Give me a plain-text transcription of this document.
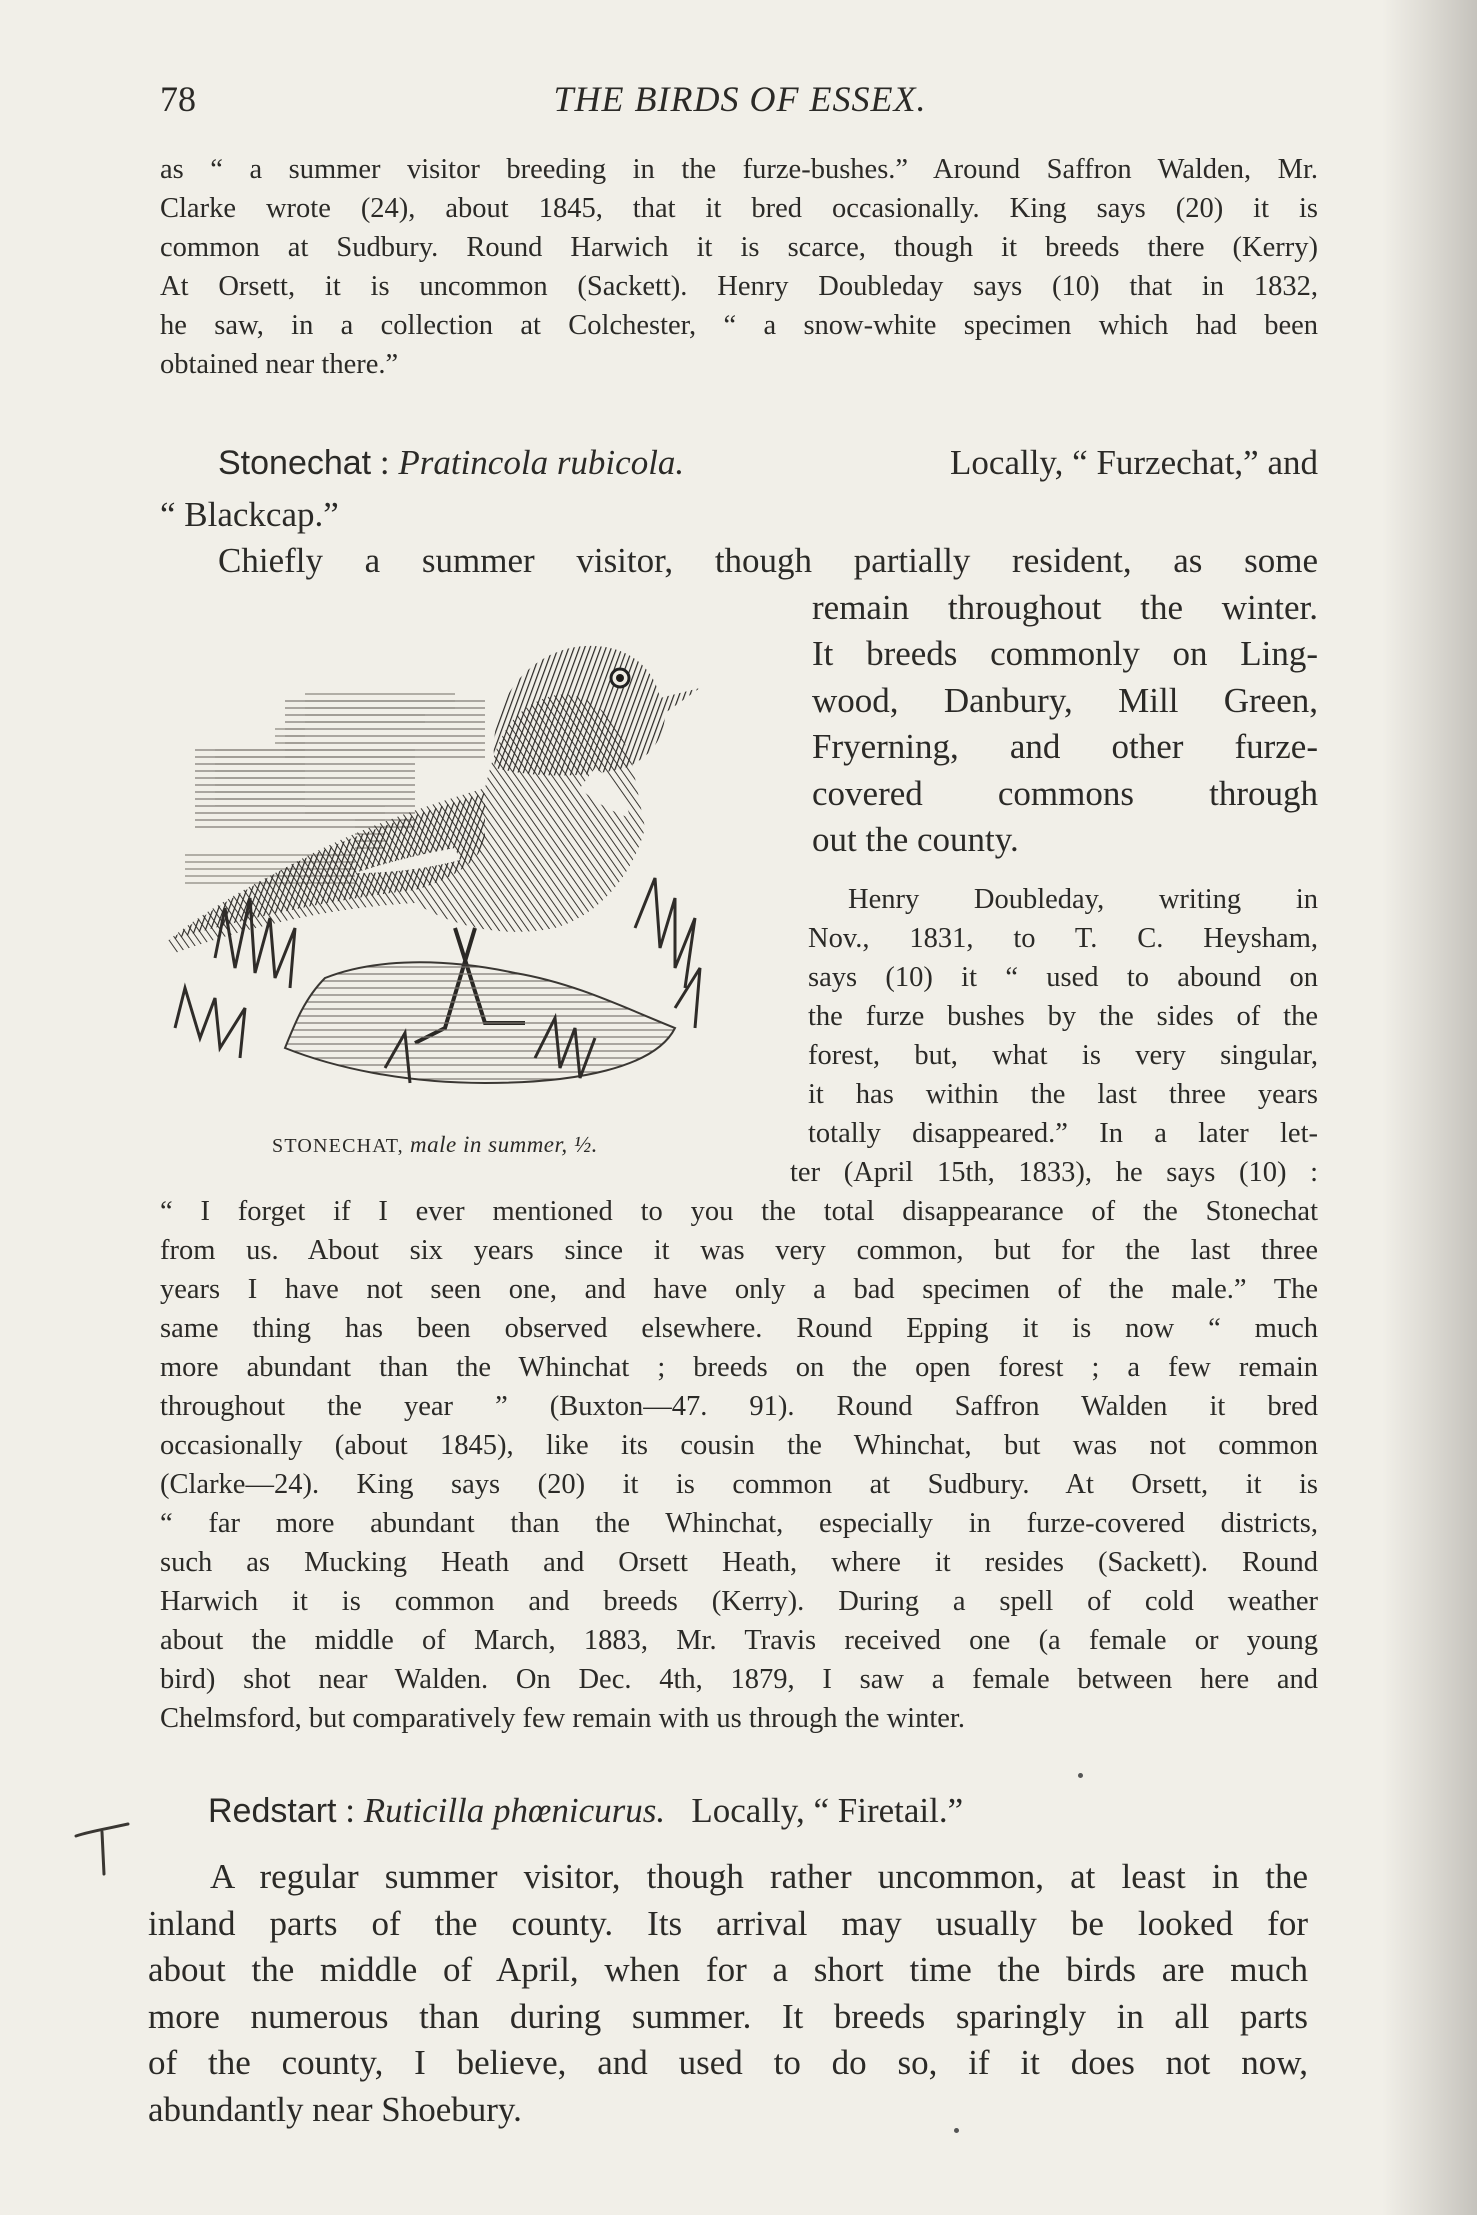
78	THE BIRDS OF ESSEX.
as “ a summer visitor breeding in the furze-bushes.” Around Saffron Walden, Mr.
Clarke wrote (24), about 1845, that it bred occasionally. King says (20) it is
common at Sudbury. Round Harwich it is scarce, though it breeds there (Kerry)
At Orsett, it is uncommon (Sackett). Henry Doubleday says (10) that in 1832,
he saw, in a collection at Colchester, “ a snow-white specimen which had been
obtained near there.”
Stonechat : Pratincola rubicola.	Locally, “ Furzechat,” and
“ Blackcap.”
Chiefly a summer visitor, though partially resident, as some
remain throughout the winter.
It breeds commonly on Ling-
wood, Danbury, Mill Green,
Fryerning, and other furze-
covered commons through
out the county.
Henry Doubleday, writing in
Nov., 1831, to T. C. Heysham,
says (10) it “ used to abound on
the furze bushes by the sides of the
forest, but, what is very singular,
it has within the last three years
totally disappeared.” In a later let-
ter (April 15th, 1833), he says (10) :
“ I forget if I ever mentioned to you the total disappearance of the Stonechat
from us. About six years since it was very common, but for the last three
years I have not seen one, and have only a bad specimen of the male.” The
same thing has been observed elsewhere. Round Epping it is now “ much
more abundant than the Whinchat ; breeds on the open forest ; a few remain
throughout the year ” (Buxton—47. 91). Round Saffron Walden it bred
occasionally (about 1845), like its cousin the Whinchat, but was not common
(Clarke—24). King says (20) it is common at Sudbury. At Orsett, it is
“ far more abundant than the Whinchat, especially in furze-covered districts,
such as Mucking Heath and Orsett Heath, where it resides (Sackett). Round
Harwich it is common and breeds (Kerry). During a spell of cold weather
about the middle of March, 1883, Mr. Travis received one (a female or young
bird) shot near Walden. On Dec. 4th, 1879, I saw a female between here and
Chelmsford, but comparatively few remain with us through the winter.
STONECHAT, male in summer, ½.
Redstart : Ruticilla phœnicurus. Locally, “ Firetail.”
A regular summer visitor, though rather uncommon, at least in the
inland parts of the county. Its arrival may usually be looked for
about the middle of April, when for a short time the birds are much
more numerous than during summer. It breeds sparingly in all parts
of the county, I believe, and used to do so, if it does not now,
abundantly near Shoebury.
